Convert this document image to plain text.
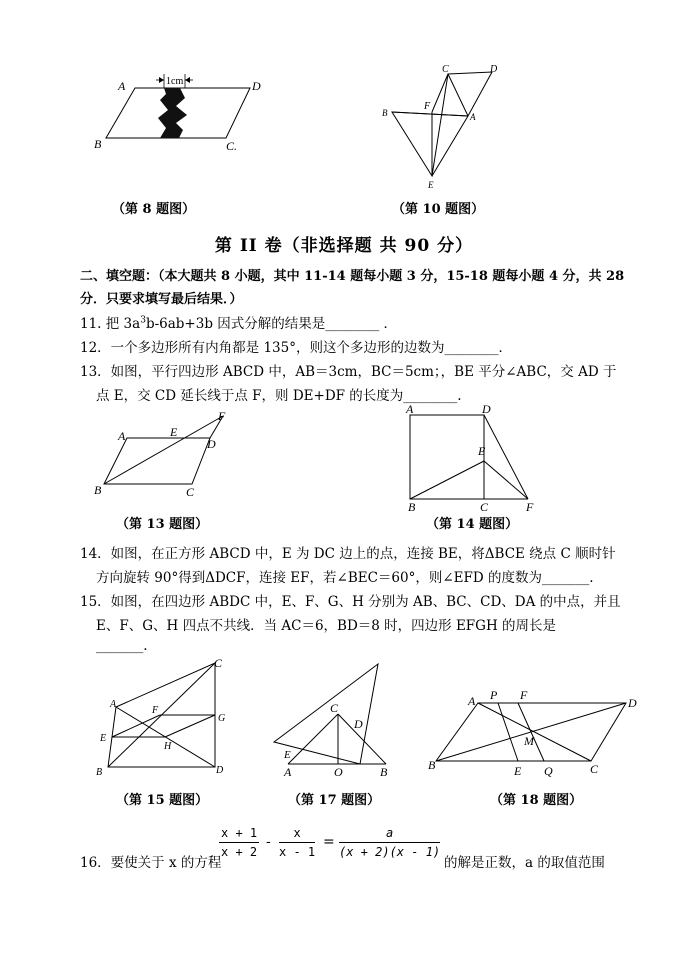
1cm
A	D
B	C.
（第 8 题图）
C	D
F
B	A
E
（第 10 题图）
第 II 卷（非选择题 共 90 分）
二、填空题：（本大题共 8 小题，其中 11-14 题每小题 3 分，15-18 题每小题 4 分，共 28
分．只要求填写最后结果．）
11. 把 $3a^3b-6ab+3b$ 因式分解的结果是________ ．
12．一个多边形所有内角都是 135°，则这个多边形的边数为________．
13．如图，平行四边形 ABCD 中，AB＝3cm，BC＝5cm；，BE 平分∠ABC，交 AD 于
点 E，交 CD 延长线于点 F，则 DE+DF 的长度为________.
A	E
D
F
B	C
（第 13 题图）
A	D
E
B	C	F
（第 14 题图）
14．如图，在正方形 ABCD 中，E 为 DC 边上的点，连接 BE，将ΔBCE 绕点 C 顺时针
方向旋转 90°得到ΔDCF，连接 EF，若∠BEC＝60°，则∠EFD 的度数为_______.
15．如图，在四边形 ABDC 中，E、F、G、H 分别为 AB、BC、CD、DA 的中点，并且
E、F、G、H 四点不共线．当 AC＝6，BD＝8 时，四边形 EFGH 的周长是
_______.
C
A
F
G
E
H
B	D
（第 15 题图）
C
D
E
A	O	B
（第 17 题图）
P F
A	D
M
B	E Q	C
（第 18 题图）
16．要使关于 x 的方程
$\frac{x + 1}{x + 2} - \frac{x}{x - 1} = \frac{a}{(x + 2)(x - 1)}$
的解是正数，a 的取值范围
